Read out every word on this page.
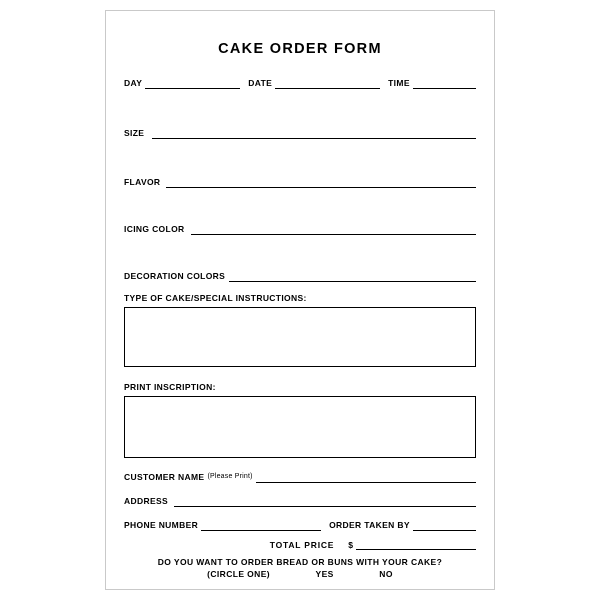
CAKE ORDER FORM
DAY	DATE	TIME
SIZE
FLAVOR
ICING COLOR
DECORATION COLORS
TYPE OF CAKE/SPECIAL INSTRUCTIONS:
PRINT INSCRIPTION:
CUSTOMER NAME (Please Print)
ADDRESS
PHONE NUMBER	ORDER TAKEN BY
TOTAL PRICE	$
DO YOU WANT TO ORDER BREAD OR BUNS WITH YOUR CAKE?
(CIRCLE ONE)	YES	NO
